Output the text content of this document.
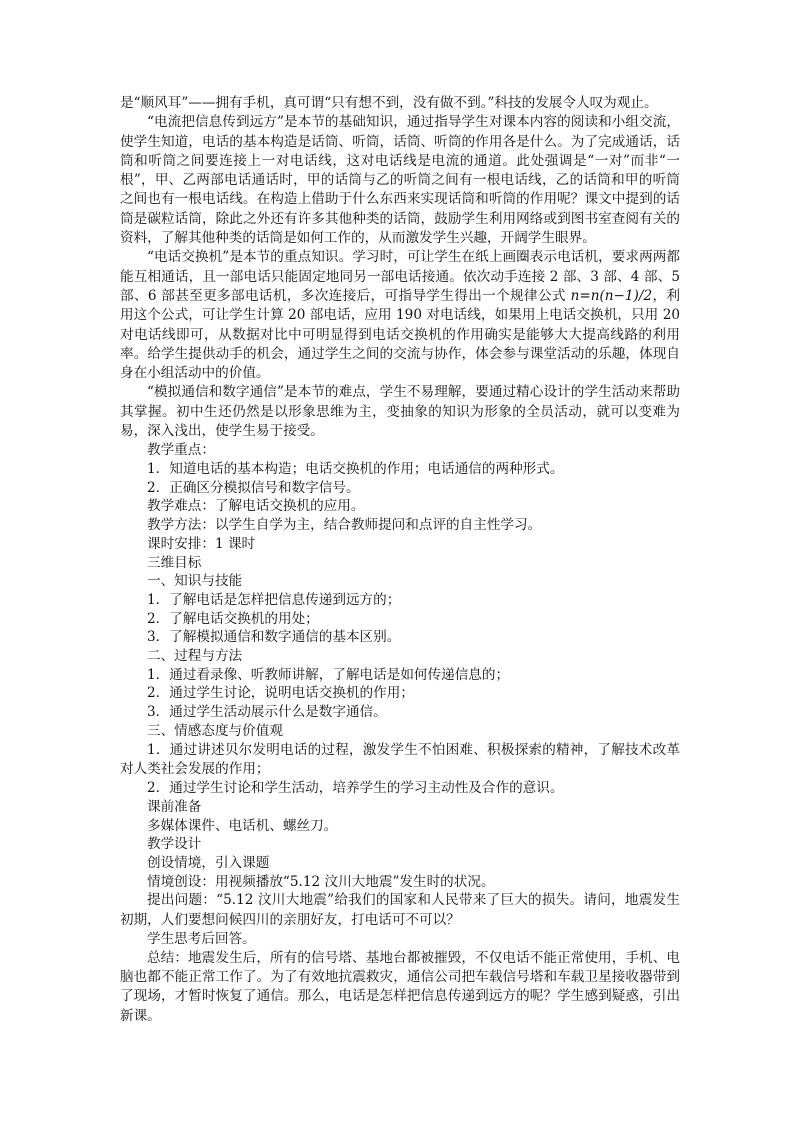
是“顺风耳”——拥有手机，真可谓“只有想不到，没有做不到。”科技的发展令人叹为观止。

“电流把信息传到远方”是本节的基础知识，通过指导学生对课本内容的阅读和小组交流，使学生知道，电话的基本构造是话筒、听筒，话筒、听筒的作用各是什么。为了完成通话，话筒和听筒之间要连接上一对电话线，这对电话线是电流的通道。此处强调是“一对”而非“一根”，甲、乙两部电话通话时，甲的话筒与乙的听筒之间有一根电话线，乙的话筒和甲的听筒之间也有一根电话线。在构造上借助于什么东西来实现话筒和听筒的作用呢？课文中提到的话筒是碳粒话筒，除此之外还有许多其他种类的话筒，鼓励学生利用网络或到图书室查阅有关的资料，了解其他种类的话筒是如何工作的，从而激发学生兴趣，开阔学生眼界。

“电话交换机”是本节的重点知识。学习时，可让学生在纸上画圈表示电话机，要求两两都能互相通话，且一部电话只能固定地同另一部电话接通。依次动手连接 2 部、3 部、4 部、5 部、6 部甚至更多部电话机，多次连接后，可指导学生得出一个规律公式 n=n(n−1)/2，利用这个公式，可让学生计算 20 部电话，应用 190 对电话线，如果用上电话交换机，只用 20 对电话线即可，从数据对比中可明显得到电话交换机的作用确实是能够大大提高线路的利用率。给学生提供动手的机会，通过学生之间的交流与协作，体会参与课堂活动的乐趣，体现自身在小组活动中的价值。

“模拟通信和数字通信”是本节的难点，学生不易理解，要通过精心设计的学生活动来帮助其掌握。初中生还仍然是以形象思维为主，变抽象的知识为形象的全员活动，就可以变难为易，深入浅出，使学生易于接受。

教学重点：

1．知道电话的基本构造；电话交换机的作用；电话通信的两种形式。

2．正确区分模拟信号和数字信号。

教学难点：了解电话交换机的应用。

教学方法：以学生自学为主，结合教师提问和点评的自主性学习。

课时安排：1 课时

三维目标

一、知识与技能

1．了解电话是怎样把信息传递到远方的；

2．了解电话交换机的用处；

3．了解模拟通信和数字通信的基本区别。

二、过程与方法

1．通过看录像、听教师讲解，了解电话是如何传递信息的；

2．通过学生讨论，说明电话交换机的作用；

3．通过学生活动展示什么是数字通信。

三、情感态度与价值观

1．通过讲述贝尔发明电话的过程，激发学生不怕困难、积极探索的精神，了解技术改革对人类社会发展的作用；

2．通过学生讨论和学生活动，培养学生的学习主动性及合作的意识。

课前准备

多媒体课件、电话机、螺丝刀。

教学设计

创设情境，引入课题

情境创设：用视频播放“5.12 汶川大地震”发生时的状况。

提出问题：“5.12 汶川大地震”给我们的国家和人民带来了巨大的损失。请问，地震发生初期，人们要想问候四川的亲朋好友，打电话可不可以？

学生思考后回答。

总结：地震发生后，所有的信号塔、基地台都被摧毁，不仅电话不能正常使用，手机、电脑也都不能正常工作了。为了有效地抗震救灾，通信公司把车载信号塔和车载卫星接收器带到了现场，才暂时恢复了通信。那么，电话是怎样把信息传递到远方的呢？学生感到疑惑，引出新课。
